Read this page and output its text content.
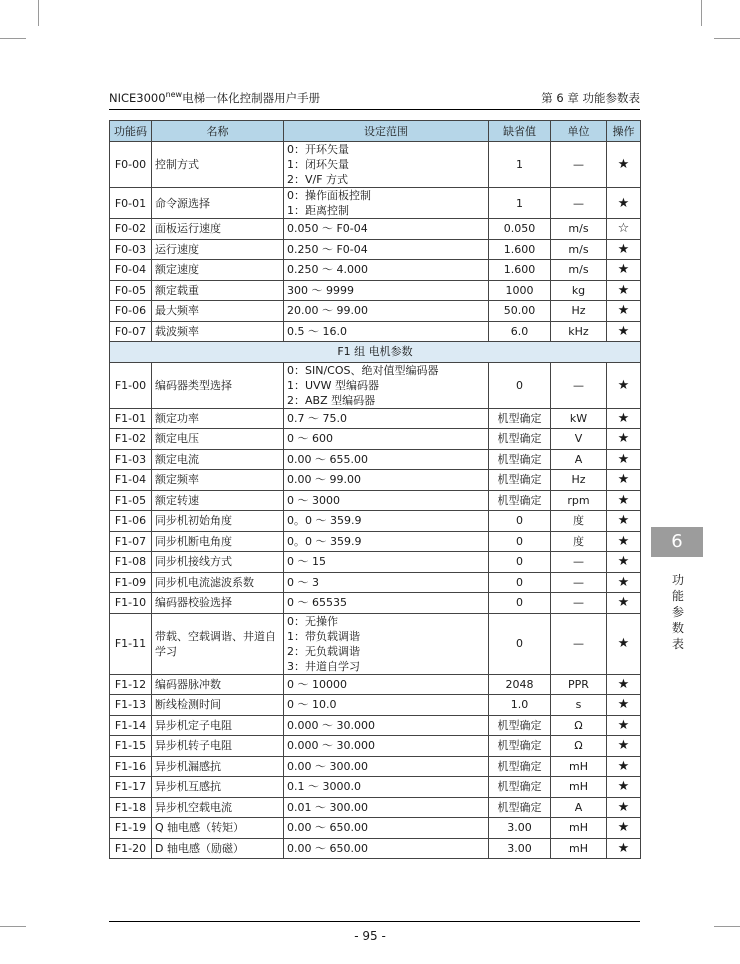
$NICE3000^{new}$电梯一体化控制器用户手册	第 6 章 功能参数表
功能码	名称	设定范围	缺省值	单位	操作
F0-00	控制方式	0：开环矢量
1：闭环矢量
2：V/F 方式	1	—	★
F0-01	命令源选择	0：操作面板控制
1：距离控制	1	—	★
F0-02	面板运行速度	0.050 ～ F0-04	0.050	m/s	☆
F0-03	运行速度	0.250 ～ F0-04	1.600	m/s	★
F0-04	额定速度	0.250 ～ 4.000	1.600	m/s	★
F0-05	额定载重	300 ～ 9999	1000	kg	★
F0-06	最大频率	20.00 ～ 99.00	50.00	Hz	★
F0-07	载波频率	0.5 ～ 16.0	6.0	kHz	★
F1 组 电机参数					
F1-00	编码器类型选择	0：SIN/COS、绝对值型编码器
1：UVW 型编码器
2：ABZ 型编码器	0	—	★
F1-01	额定功率	0.7 ～ 75.0	机型确定	kW	★
F1-02	额定电压	0 ～ 600	机型确定	V	★
F1-03	额定电流	0.00 ～ 655.00	机型确定	A	★
F1-04	额定频率	0.00 ～ 99.00	机型确定	Hz	★
F1-05	额定转速	0 ～ 3000	机型确定	rpm	★
F1-06	同步机初始角度	0。0 ～ 359.9	0	度	★
F1-07	同步机断电角度	0。0 ～ 359.9	0	度	★
F1-08	同步机接线方式	0 ～ 15	0	—	★
F1-09	同步机电流滤波系数	0 ～ 3	0	—	★
F1-10	编码器校验选择	0 ～ 65535	0	—	★
F1-11	带载、空载调谐、井道自学习	0：无操作
1：带负载调谐
2：无负载调谐
3：井道自学习	0	—	★
F1-12	编码器脉冲数	0 ～ 10000	2048	PPR	★
F1-13	断线检测时间	0 ～ 10.0	1.0	s	★
F1-14	异步机定子电阻	0.000 ～ 30.000	机型确定	Ω	★
F1-15	异步机转子电阻	0.000 ～ 30.000	机型确定	Ω	★
F1-16	异步机漏感抗	0.00 ～ 300.00	机型确定	mH	★
F1-17	异步机互感抗	0.1 ～ 3000.0	机型确定	mH	★
F1-18	异步机空载电流	0.01 ～ 300.00	机型确定	A	★
F1-19	Q 轴电感（转矩）	0.00 ～ 650.00	3.00	mH	★
F1-20	D 轴电感（励磁）	0.00 ～ 650.00	3.00	mH	★
6
功能参数表
- 95 -
